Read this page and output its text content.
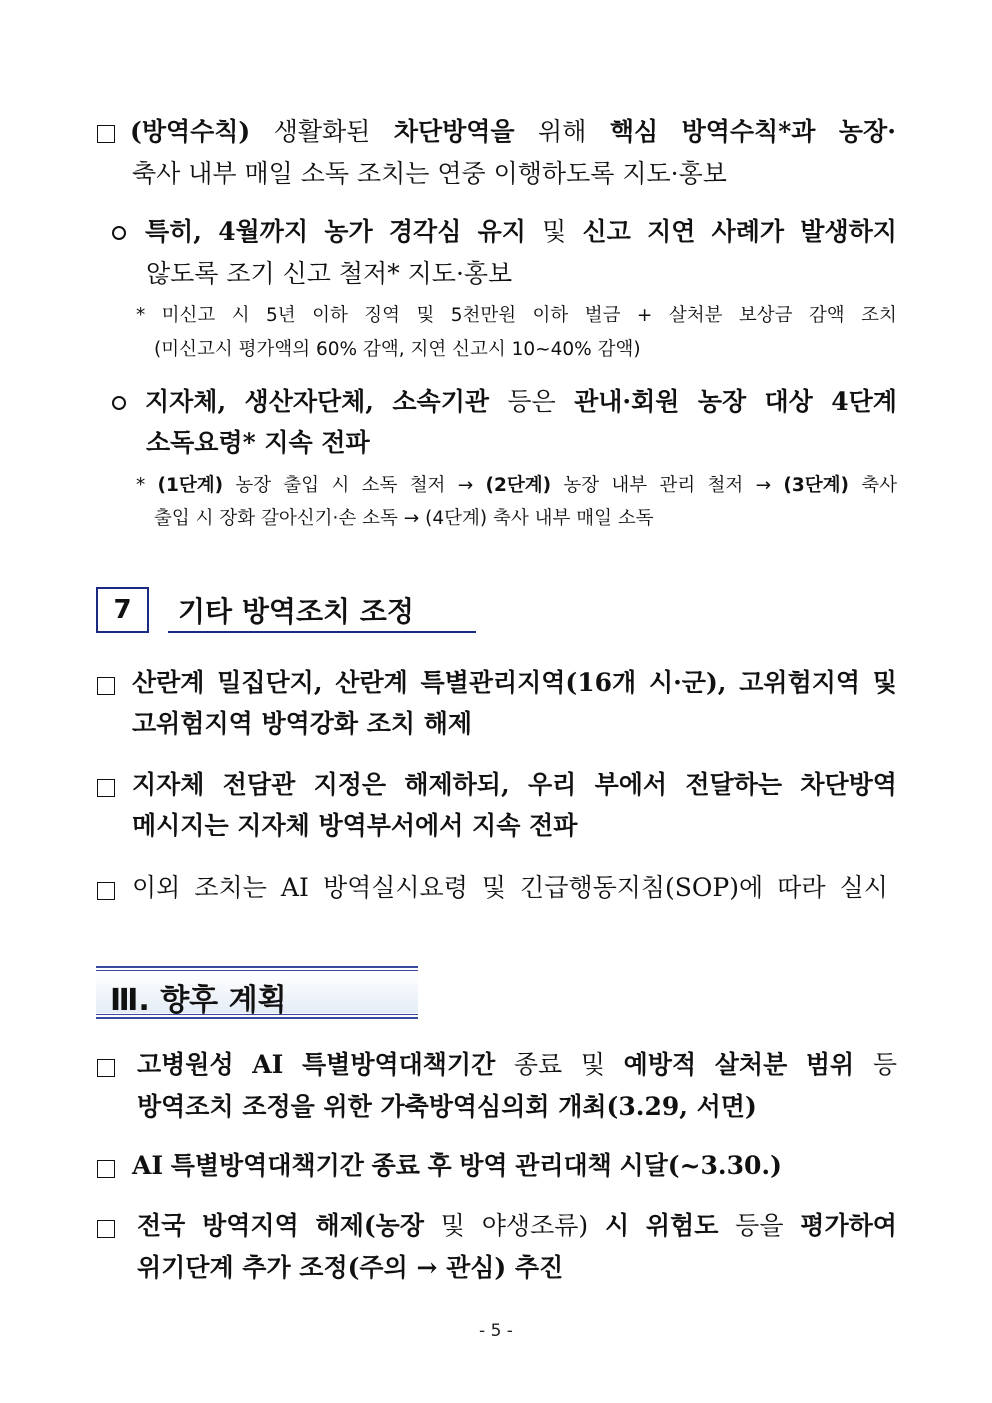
(방역수칙) 생활화된 차단방역을 위해 핵심 방역수칙*과 농장·
축사 내부 매일 소독 조치는 연중 이행하도록 지도·홍보
특히, 4월까지 농가 경각심 유지 및 신고 지연 사례가 발생하지
않도록 조기 신고 철저* 지도·홍보
* 미신고 시 5년 이하 징역 및 5천만원 이하 벌금 + 살처분 보상금 감액 조치
(미신고시 평가액의 60% 감액, 지연 신고시 10~40% 감액)
지자체, 생산자단체, 소속기관 등은 관내·회원 농장 대상 4단계
소독요령* 지속 전파
* (1단계) 농장 출입 시 소독 철저 → (2단계) 농장 내부 관리 철저 → (3단계) 축사
출입 시 장화 갈아신기·손 소독 → (4단계) 축사 내부 매일 소독
7	기타 방역조치 조정
산란계 밀집단지, 산란계 특별관리지역(16개 시·군), 고위험지역 및
고위험지역 방역강화 조치 해제
지자체 전담관 지정은 해제하되, 우리 부에서 전달하는 차단방역
메시지는 지자체 방역부서에서 지속 전파
이외 조치는 AI 방역실시요령 및 긴급행동지침(SOP)에 따라 실시
Ⅲ. 향후 계획
고병원성 AI 특별방역대책기간 종료 및 예방적 살처분 범위 등
방역조치 조정을 위한 가축방역심의회 개최(3.29, 서면)
AI 특별방역대책기간 종료 후 방역 관리대책 시달(~3.30.)
전국 방역지역 해제(농장 및 야생조류) 시 위험도 등을 평가하여
위기단계 추가 조정(주의 → 관심) 추진
- 5 -
